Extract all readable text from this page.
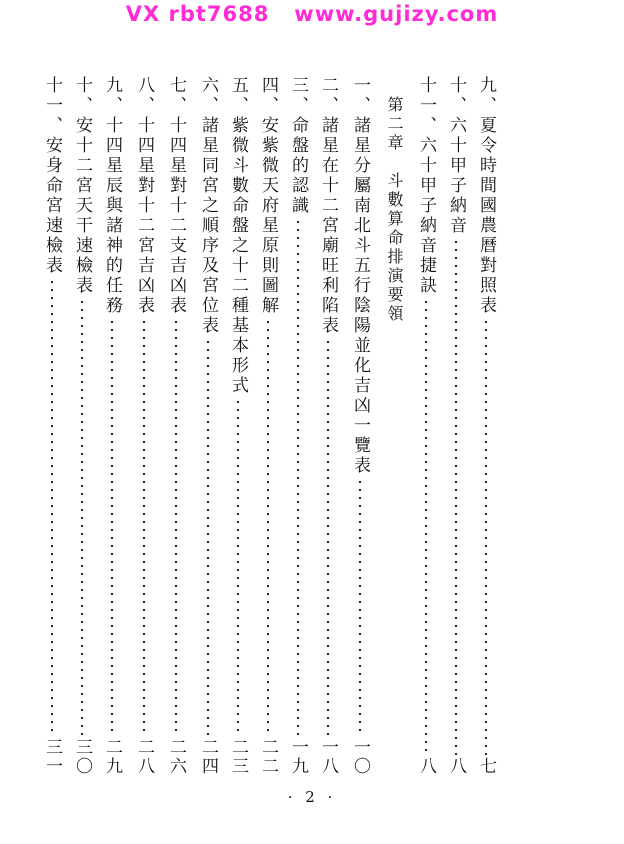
VX rbt7688   www.gujizy.com
九、夏令時間國農曆對照表
七
十、六十甲子納音
八
十一、六十甲子納音捷訣
八
第二章　斗數算命排演要領
一、諸星分屬南北斗五行陰陽並化吉凶一覽表
一〇
二、諸星在十二宮廟旺利陷表
一八
三、命盤的認識
一九
四、安紫微天府星原則圖解
二二
五、紫微斗數命盤之十二種基本形式
二三
六、諸星同宮之順序及宮位表
二四
七、十四星對十二支吉凶表
二六
八、十四星對十二宮吉凶表
二八
九、十四星辰與諸神的任務
二九
十、安十二宮天干速檢表
三〇
十一、安身命宮速檢表
三一
· 2 ·
